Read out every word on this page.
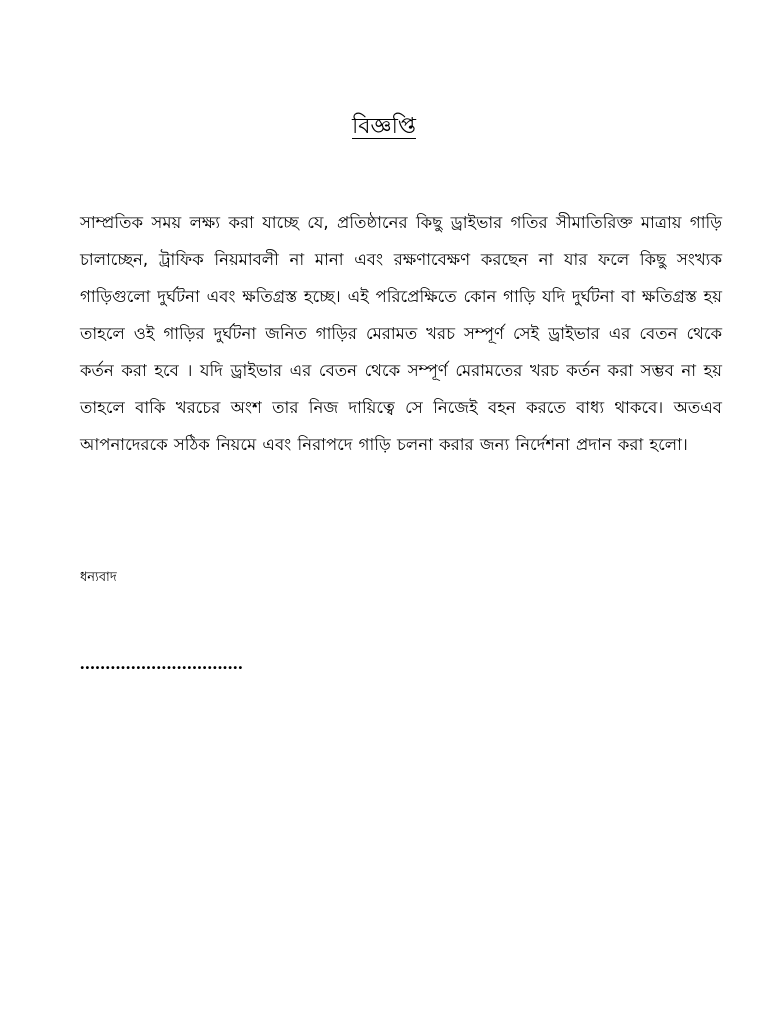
বিজ্ঞপ্তি

সাম্প্রতিক সময় লক্ষ্য করা যাচ্ছে যে, প্রতিষ্ঠানের কিছু ড্রাইভার গতির সীমাতিরিক্ত মাত্রায় গাড়ি চালাচ্ছেন, ট্রাফিক নিয়মাবলী না মানা এবং রক্ষণাবেক্ষণ করছেন না যার ফলে কিছু সংখ্যক গাড়িগুলো দুর্ঘটনা এবং ক্ষতিগ্রস্ত হচ্ছে। এই পরিপ্রেক্ষিতে কোন গাড়ি যদি দুর্ঘটনা বা ক্ষতিগ্রস্ত হয় তাহলে ওই গাড়ির দুর্ঘটনা জনিত গাড়ির মেরামত খরচ সম্পূর্ণ সেই ড্রাইভার এর বেতন থেকে কর্তন করা হবে । যদি ড্রাইভার এর বেতন থেকে সম্পূর্ণ মেরামতের খরচ কর্তন করা সম্ভব না হয় তাহলে বাকি খরচের অংশ তার নিজ দায়িত্বে সে নিজেই বহন করতে বাধ্য থাকবে। অতএব আপনাদেরকে সঠিক নিয়মে এবং নিরাপদে গাড়ি চলনা করার জন্য নির্দেশনা প্রদান করা হলো।

ধন্যবাদ
................................
